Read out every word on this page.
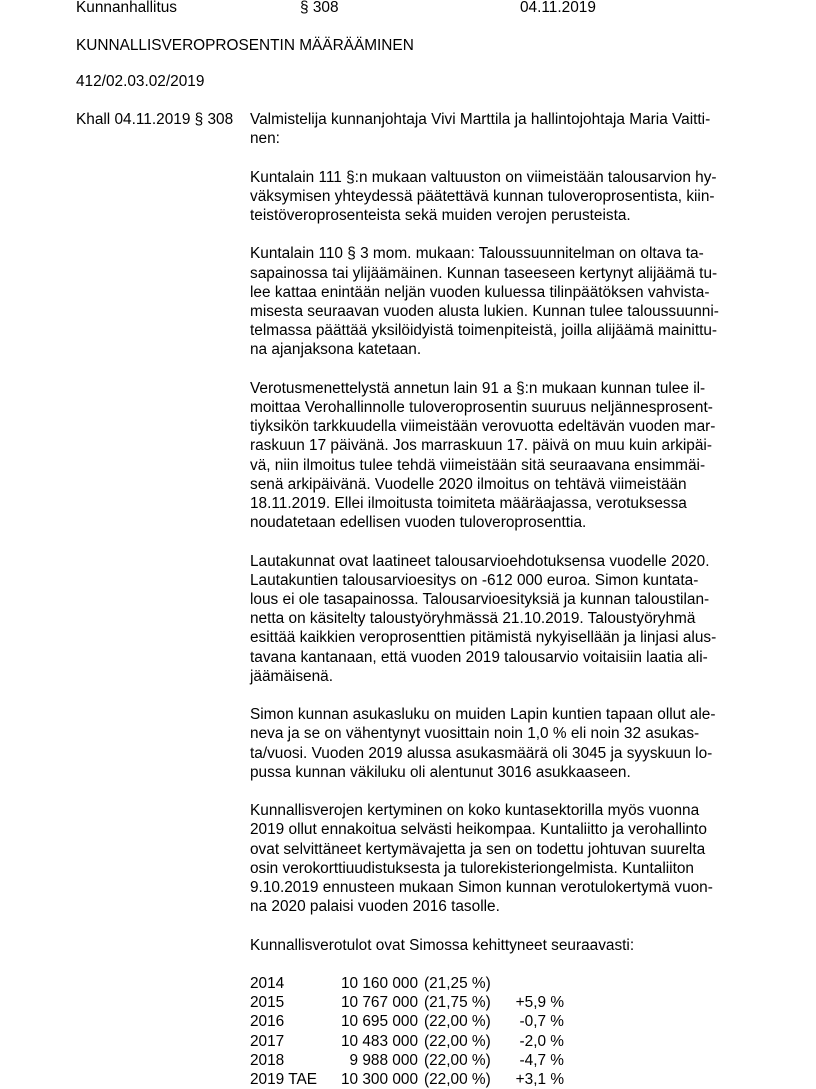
Kunnanhallitus	§ 308	04.11.2019
KUNNALLISVEROPROSENTIN MÄÄRÄÄMINEN
412/02.03.02/2019
Khall 04.11.2019 § 308 Valmistelija kunnanjohtaja Vivi Marttila ja hallintojohtaja Maria Vaitti-
nen:

Kuntalain 111 §:n mukaan valtuuston on viimeistään talousarvion hy-
väksymisen yhteydessä päätettävä kunnan tuloveroprosentista, kiin-
teistöveroprosenteista sekä muiden verojen perusteista.

Kuntalain 110 § 3 mom. mukaan: Taloussuunnitelman on oltava ta-
sapainossa tai ylijäämäinen. Kunnan taseeseen kertynyt alijäämä tu-
lee kattaa enintään neljän vuoden kuluessa tilinpäätöksen vahvista-
misesta seuraavan vuoden alusta lukien. Kunnan tulee taloussuunni-
telmassa päättää yksilöidyistä toimenpiteistä, joilla alijäämä mainittu-
na ajanjaksona katetaan.

Verotusmenettelystä annetun lain 91 a §:n mukaan kunnan tulee il-
moittaa Verohallinnolle tuloveroprosentin suuruus neljännesprosent-
tiyksikön tarkkuudella viimeistään verovuotta edeltävän vuoden mar-
raskuun 17 päivänä. Jos marraskuun 17. päivä on muu kuin arkipäi-
vä, niin ilmoitus tulee tehdä viimeistään sitä seuraavana ensimmäi-
senä arkipäivänä. Vuodelle 2020 ilmoitus on tehtävä viimeistään
18.11.2019. Ellei ilmoitusta toimiteta määräajassa, verotuksessa
noudatetaan edellisen vuoden tuloveroprosenttia.

Lautakunnat ovat laatineet talousarvioehdotuksensa vuodelle 2020.
Lautakuntien talousarvioesitys on -612 000 euroa. Simon kuntata-
lous ei ole tasapainossa. Talousarvioesityksiä ja kunnan taloustilan-
netta on käsitelty taloustyöryhmässä 21.10.2019. Taloustyöryhmä
esittää kaikkien veroprosenttien pitämistä nykyisellään ja linjasi alus-
tavana kantanaan, että vuoden 2019 talousarvio voitaisiin laatia ali-
jäämäisenä.

Simon kunnan asukasluku on muiden Lapin kuntien tapaan ollut ale-
neva ja se on vähentynyt vuosittain noin 1,0 % eli noin 32 asukas-
ta/vuosi. Vuoden 2019 alussa asukasmäärä oli 3045 ja syyskuun lo-
pussa kunnan väkiluku oli alentunut 3016 asukkaaseen.

Kunnallisverojen kertyminen on koko kuntasektorilla myös vuonna
2019 ollut ennakoitua selvästi heikompaa. Kuntaliitto ja verohallinto
ovat selvittäneet kertymävajetta ja sen on todettu johtuvan suurelta
osin verokorttiuudistuksesta ja tulorekisteriongelmista. Kuntaliiton
9.10.2019 ennusteen mukaan Simon kunnan verotulokertymä vuon-
na 2020 palaisi vuoden 2016 tasolle.

Kunnallisverotulot ovat Simossa kehittyneet seuraavasti:

2014	10 160 000	(21,25 %)	
2015	10 767 000	(21,75 %)	+5,9 %
2016	10 695 000	(22,00 %)	-0,7 %
2017	10 483 000	(22,00 %)	-2,0 %
2018	9 988 000	(22,00 %)	-4,7 %
2019 TAE	10 300 000	(22,00 %)	+3,1 %
